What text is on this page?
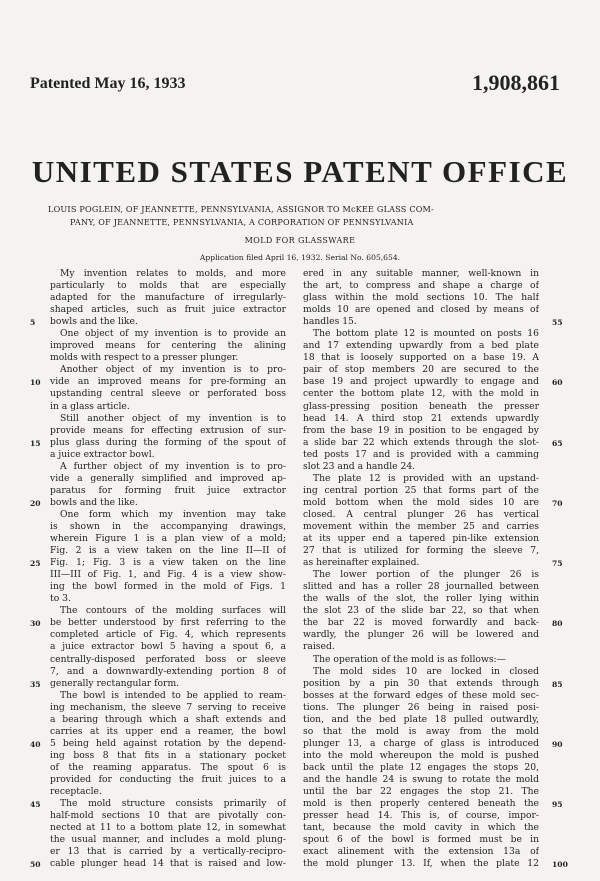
Patented May 16, 1933	1,908,861
UNITED STATES PATENT OFFICE
LOUIS POGLEIN, OF JEANNETTE, PENNSYLVANIA, ASSIGNOR TO McKEE GLASS COM-
PANY, OF JEANNETTE, PENNSYLVANIA, A CORPORATION OF PENNSYLVANIA
MOLD FOR GLASSWARE
Application filed April 16, 1932. Serial No. 605,654.
My invention relates to molds, and more
particularly to molds that are especially
adapted for the manufacture of irregularly-
shaped articles, such as fruit juice extractor
bowls and the like.
One object of my invention is to provide an
improved means for centering the alining
molds with respect to a presser plunger.
Another object of my invention is to pro-
vide an improved means for pre-forming an
upstanding central sleeve or perforated boss
in a glass article.
Still another object of my invention is to
provide means for effecting extrusion of sur-
plus glass during the forming of the spout of
a juice extractor bowl.
A further object of my invention is to pro-
vide a generally simplified and improved ap-
paratus for forming fruit juice extractor
bowls and the like.
One form which my invention may take
is shown in the accompanying drawings,
wherein Figure 1 is a plan view of a mold;
Fig. 2 is a view taken on the line II—II of
Fig. 1; Fig. 3 is a view taken on the line
III—III of Fig. 1, and Fig. 4 is a view show-
ing the bowl formed in the mold of Figs. 1
to 3.
The contours of the molding surfaces will
be better understood by first referring to the
completed article of Fig. 4, which represents
a juice extractor bowl 5 having a spout 6, a
centrally-disposed perforated boss or sleeve
7, and a downwardly-extending portion 8 of
generally rectangular form.
The bowl is intended to be applied to ream-
ing mechanism, the sleeve 7 serving to receive
a bearing through which a shaft extends and
carries at its upper end a reamer, the bowl
5 being held against rotation by the depend-
ing boss 8 that fits in a stationary pocket
of the reaming apparatus. The spout 6 is
provided for conducting the fruit juices to a
receptacle.
The mold structure consists primarily of
half-mold sections 10 that are pivotally con-
nected at 11 to a bottom plate 12, in somewhat
the usual manner, and includes a mold plung-
er 13 that is carried by a vertically-recipro-
cable plunger head 14 that is raised and low-
ered in any suitable manner, well-known in
the art, to compress and shape a charge of
glass within the mold sections 10. The half
molds 10 are opened and closed by means of
handles 15.
The bottom plate 12 is mounted on posts 16
and 17 extending upwardly from a bed plate
18 that is loosely supported on a base 19. A
pair of stop members 20 are secured to the
base 19 and project upwardly to engage and
center the bottom plate 12, with the mold in
glass-pressing position beneath the presser
head 14. A third stop 21 extends upwardly
from the base 19 in position to be engaged by
a slide bar 22 which extends through the slot-
ted posts 17 and is provided with a camming
slot 23 and a handle 24.
The plate 12 is provided with an upstand-
ing central portion 25 that forms part of the
mold bottom when the mold sides 10 are
closed. A central plunger 26 has vertical
movement within the member 25 and carries
at its upper end a tapered pin-like extension
27 that is utilized for forming the sleeve 7,
as hereinafter explained.
The lower portion of the plunger 26 is
slitted and has a roller 28 journalled between
the walls of the slot, the roller lying within
the slot 23 of the slide bar 22, so that when
the bar 22 is moved forwardly and back-
wardly, the plunger 26 will be lowered and
raised.
The operation of the mold is as follows:—
The mold sides 10 are locked in closed
position by a pin 30 that extends through
bosses at the forward edges of these mold sec-
tions. The plunger 26 being in raised posi-
tion, and the bed plate 18 pulled outwardly,
so that the mold is away from the mold
plunger 13, a charge of glass is introduced
into the mold whereupon the mold is pushed
back until the plate 12 engages the stops 20,
and the handle 24 is swung to rotate the mold
until the bar 22 engages the stop 21. The
mold is then properly centered beneath the
presser head 14. This is, of course, impor-
tant, because the mold cavity in which the
spout 6 of the bowl is formed must be in
exact alinement with the extension 13a of
the mold plunger 13. If, when the plate 12
5
10
15
20
25
30
35
40
45
50
55
60
65
70
75
80
85
90
95
100
